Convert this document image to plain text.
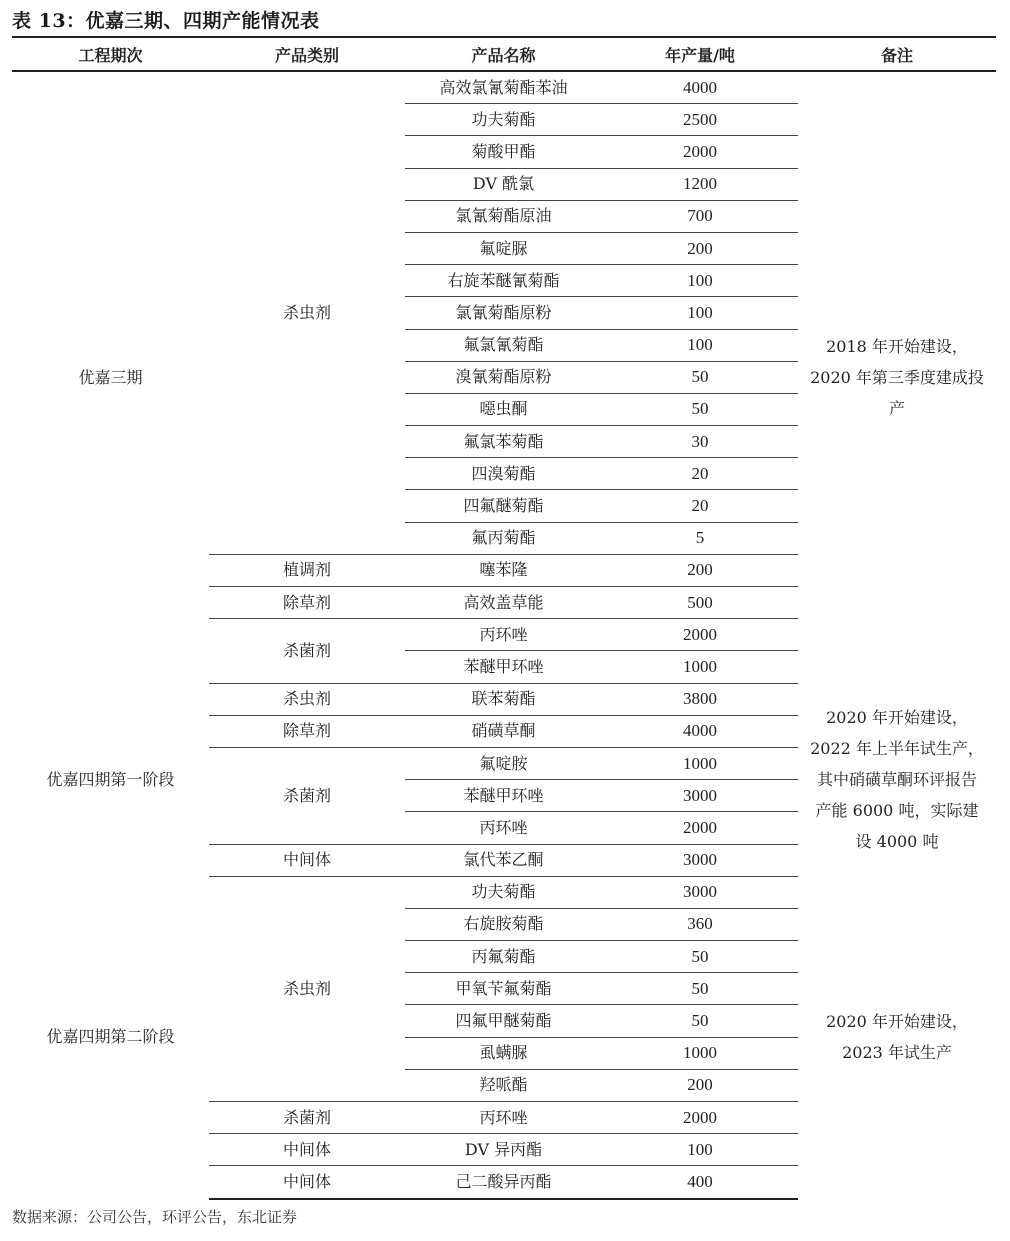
表 13：优嘉三期、四期产能情况表
工程期次	产品类别	产品名称	年产量/吨	备注
优嘉三期	杀虫剂	高效氯氰菊酯苯油	4000	2018 年开始建设，2020 年第三季度建成投产
		功夫菊酯	2500	
		菊酸甲酯	2000	
		DV 酰氯	1200	
		氯氰菊酯原油	700	
		氟啶脲	200	
		右旋苯醚氰菊酯	100	
		氯氰菊酯原粉	100	
		氟氯氰菊酯	100	
		溴氰菊酯原粉	50	
		噁虫酮	50	
		氟氯苯菊酯	30	
		四溴菊酯	20	
		四氟醚菊酯	20	
		氟丙菊酯	5	
	植调剂	噻苯隆	200	
	除草剂	高效盖草能	500	
	杀菌剂	丙环唑	2000	
		苯醚甲环唑	1000	
优嘉四期第一阶段	杀虫剂	联苯菊酯	3800	2020 年开始建设，2022 年上半年试生产，其中硝磺草酮环评报告产能 6000 吨，实际建设 4000 吨
	除草剂	硝磺草酮	4000	
	杀菌剂	氟啶胺	1000	
		苯醚甲环唑	3000	
		丙环唑	2000	
	中间体	氯代苯乙酮	3000	
优嘉四期第二阶段	杀虫剂	功夫菊酯	3000	2020 年开始建设，2023 年试生产
		右旋胺菊酯	360	
		丙氟菊酯	50	
		甲氧苄氟菊酯	50	
		四氟甲醚菊酯	50	
		虱螨脲	1000	
		羟哌酯	200	
	杀菌剂	丙环唑	2000	
	中间体	DV 异丙酯	100	
	中间体	己二酸异丙酯	400	
数据来源：公司公告，环评公告，东北证券
